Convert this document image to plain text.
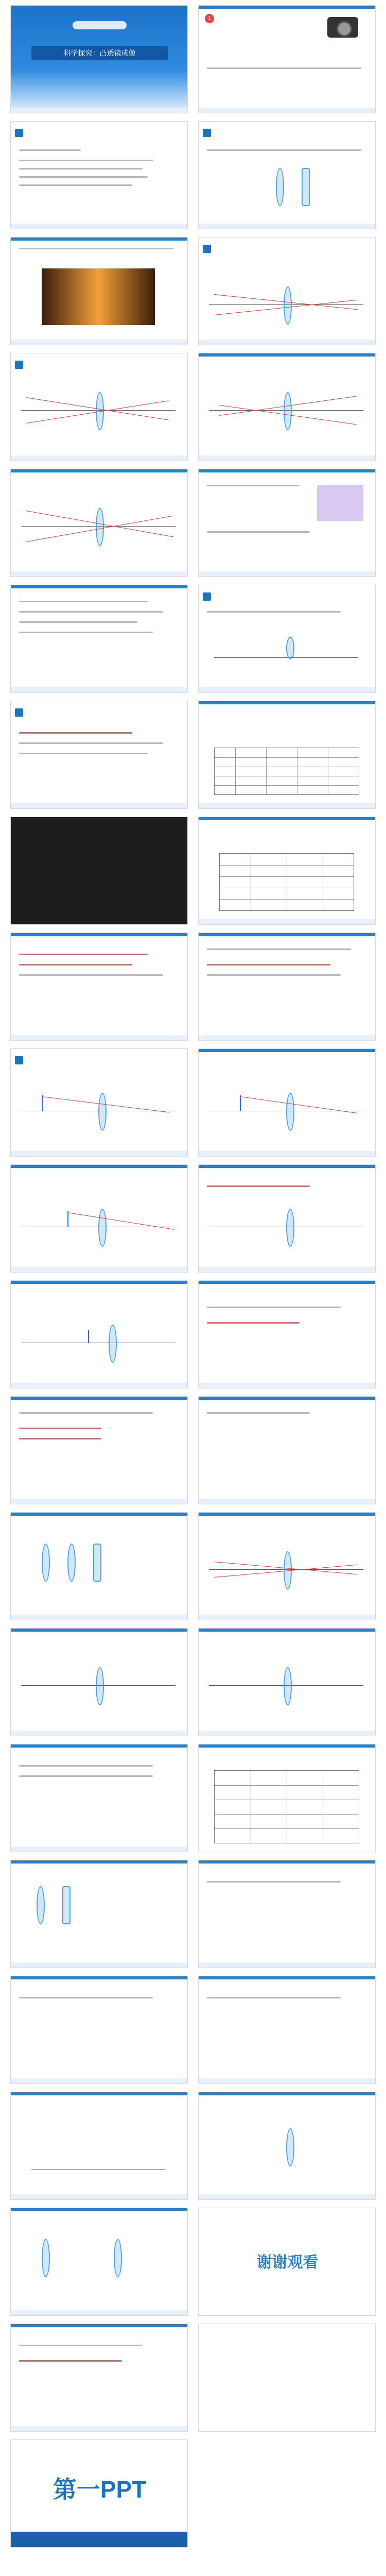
科学探究：凸透镜成像
1
谢谢观看
第一PPT
